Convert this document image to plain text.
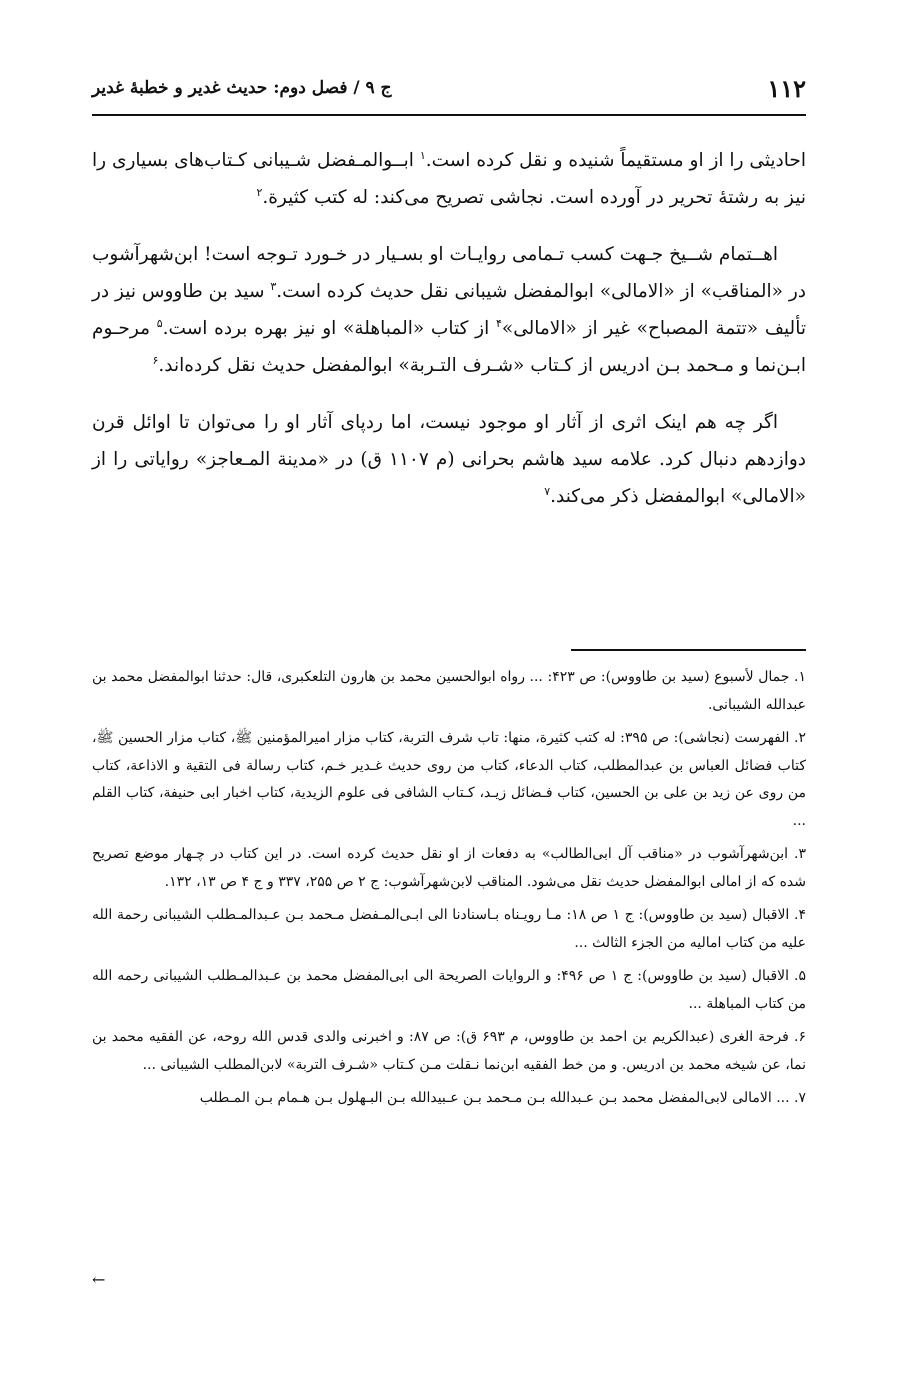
۱۱۲
ج ۹ / فصل دوم: حدیث غدیر و خطبهٔ غدیر

احادیثی را از او مستقیماً شنیده و نقل کرده است.$^۱$ ابــوالمـفضل شـیبانی کـتاب‌های بسیاری را نیز به رشتهٔ تحریر در آورده است. نجاشی تصریح می‌کند: له کتب کثیرة.$^۲$

اهــتمام شــیخ جـهت کسب تـمامی روایـات او بسـیار در خـورد تـوجه است! ابن‌شهرآشوب در «المناقب» از «الامالی» ابوالمفضل شیبانی نقل حدیث کرده است.$^۳$ سید بن طاووس نیز در تألیف «تتمة المصباح» غیر از «الامالی»$^۴$ از کتاب «المباهلة» او نیز بهره برده است.$^۵$ مرحـوم ابـن‌نما و مـحمد بـن ادریس از کـتاب «شـرف التـربة» ابوالمفضل حدیث نقل کرده‌اند.$^۶$

اگر چه هم اینک اثری از آثار او موجود نیست، اما ردپای آثار او را می‌توان تا اوائل قرن دوازدهم دنبال کرد. علامه سید هاشم بحرانی (م ۱۱۰۷ ق) در «مدینة المـعاجز» روایاتی را از «الامالی» ابوالمفضل ذکر می‌کند.$^۷$

۱. جمال لأسبوع (سید بن طاووس): ص ۴۲۳: ... رواه ابوالحسین محمد بن هارون التلعکبری، قال: حدثنا ابوالمفضل محمد بن عبدالله الشیبانی.

۲. الفهرست (نجاشی): ص ۳۹۵: له کتب کثیرة، منها: تاب شرف التربة، کتاب مزار امیرالمؤمنین ﷺ، کتاب مزار الحسین ﷺ، کتاب فضائل العباس بن عبدالمطلب، کتاب الدعاء، کتاب من روی حدیث غـدیر خـم، کتاب رسالة فی التقیة و الاذاعة، کتاب من روی عن زید بن علی بن الحسین، کتاب فـضائل زیـد، کـتاب الشافی فی علوم الزیدیة، کتاب اخبار ابی حنیفة، کتاب القلم ...

۳. ابن‌شهرآشوب در «مناقب آل ابی‌الطالب» به دفعات از او نقل حدیث کرده است. در این کتاب در چـهار موضع تصریح شده که از امالی ابوالمفضل حدیث نقل می‌شود. المناقب لابن‌شهرآشوب: ج ۲ ص ۲۵۵، ۳۳۷ و ج ۴ ص ۱۳، ۱۳۲.

۴. الاقبال (سید بن طاووس): ج ۱ ص ۱۸: مـا رویـناه بـاسنادنا الی ابـی‌المـفضل مـحمد بـن عـبدالمـطلب الشیبانی رحمة الله علیه من کتاب امالیه من الجزء الثالث ...

۵. الاقبال (سید بن طاووس): ج ۱ ص ۴۹۶: و الروایات الصریحة الی ابی‌المفضل محمد بن عـبدالمـطلب الشیبانی رحمه الله من کتاب المباهلة ...

۶. فرحة الغری (عبدالکریم بن احمد بن طاووس، م ۶۹۳ ق): ص ۸۷: و اخبرنی والدی قدس الله روحه، عن الفقیه محمد بن نما، عن شیخه محمد بن ادریس. و من خط الفقیه ابن‌نما نـقلت مـن کـتاب «شـرف التربة» لابن‌المطلب الشیبانی ...

۷. ... الامالی لابی‌المفضل محمد بـن عـبدالله بـن مـحمد بـن عـبیدالله بـن البـهلول بـن هـمام بـن المـطلب

←
